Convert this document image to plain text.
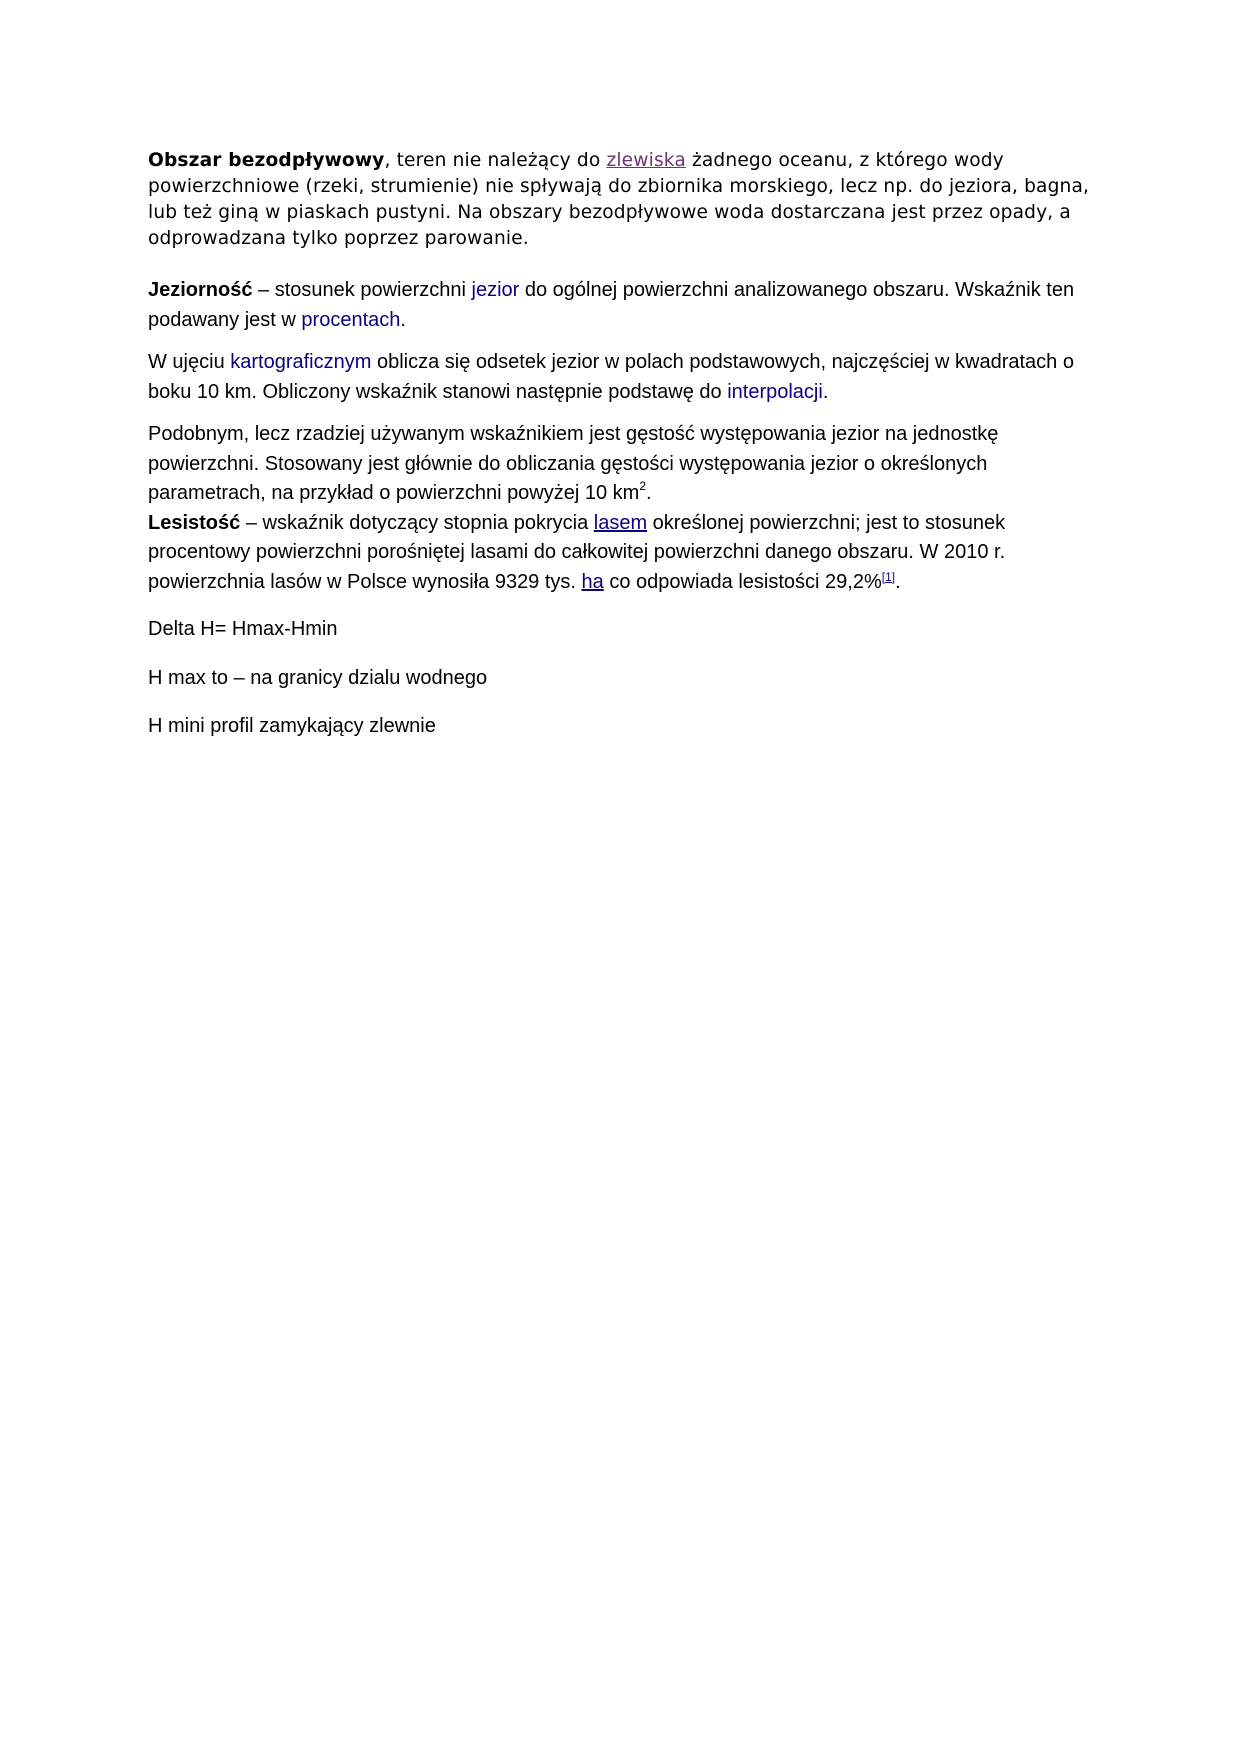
Obszar bezodpływowy, teren nie należący do zlewiska żadnego oceanu, z którego wody powierzchniowe (rzeki, strumienie) nie spływają do zbiornika morskiego, lecz np. do jeziora, bagna, lub też giną w piaskach pustyni. Na obszary bezodpływowe woda dostarczana jest przez opady, a odprowadzana tylko poprzez parowanie.

Jeziorność – stosunek powierzchni jezior do ogólnej powierzchni analizowanego obszaru. Wskaźnik ten podawany jest w procentach.

W ujęciu kartograficznym oblicza się odsetek jezior w polach podstawowych, najczęściej w kwadratach o boku 10 km. Obliczony wskaźnik stanowi następnie podstawę do interpolacji.

Podobnym, lecz rzadziej używanym wskaźnikiem jest gęstość występowania jezior na jednostkę powierzchni. Stosowany jest głównie do obliczania gęstości występowania jezior o określonych parametrach, na przykład o powierzchni powyżej 10 $km^2$.

Lesistość – wskaźnik dotyczący stopnia pokrycia lasem określonej powierzchni; jest to stosunek procentowy powierzchni porośniętej lasami do całkowitej powierzchni danego obszaru. W 2010 r. powierzchnia lasów w Polsce wynosiła 9329 tys. ha co odpowiada lesistości 29,2%[1].

Delta H= Hmax-Hmin

H max to – na granicy dzialu wodnego

H mini profil zamykający zlewnie
